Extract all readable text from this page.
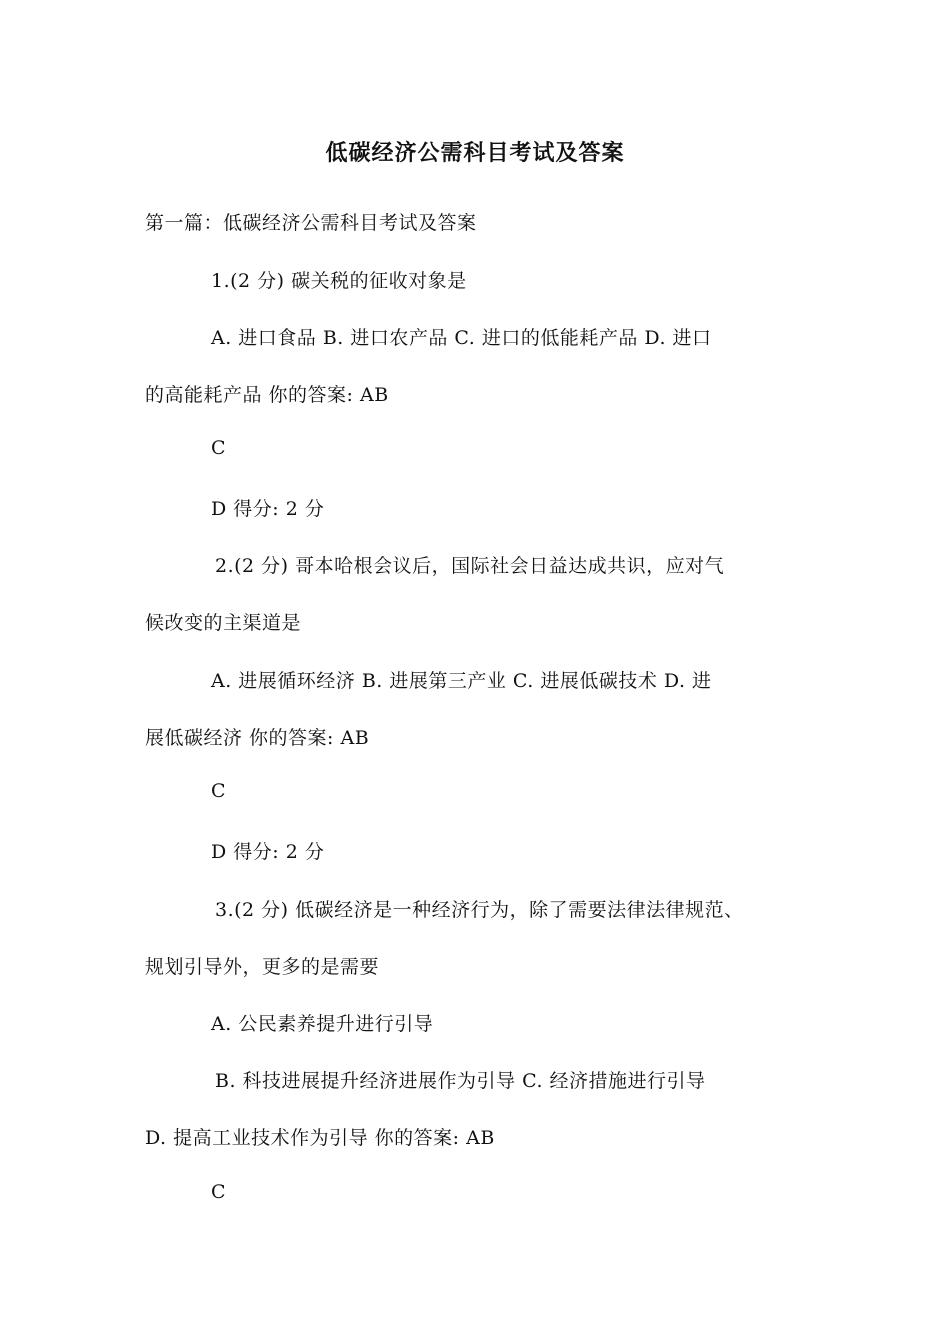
低碳经济公需科目考试及答案
第一篇：低碳经济公需科目考试及答案
1.(2 分) 碳关税的征收对象是
A. 进口食品 B. 进口农产品 C. 进口的低能耗产品 D. 进口
的高能耗产品 你的答案: AB
C
D 得分: 2 分
2.(2 分) 哥本哈根会议后，国际社会日益达成共识，应对气
候改变的主渠道是
A. 进展循环经济 B. 进展第三产业 C. 进展低碳技术 D. 进
展低碳经济 你的答案: AB
C
D 得分: 2 分
3.(2 分) 低碳经济是一种经济行为，除了需要法律法律规范、
规划引导外，更多的是需要
A. 公民素养提升进行引导
B. 科技进展提升经济进展作为引导 C. 经济措施进行引导
D. 提高工业技术作为引导 你的答案: AB
C
